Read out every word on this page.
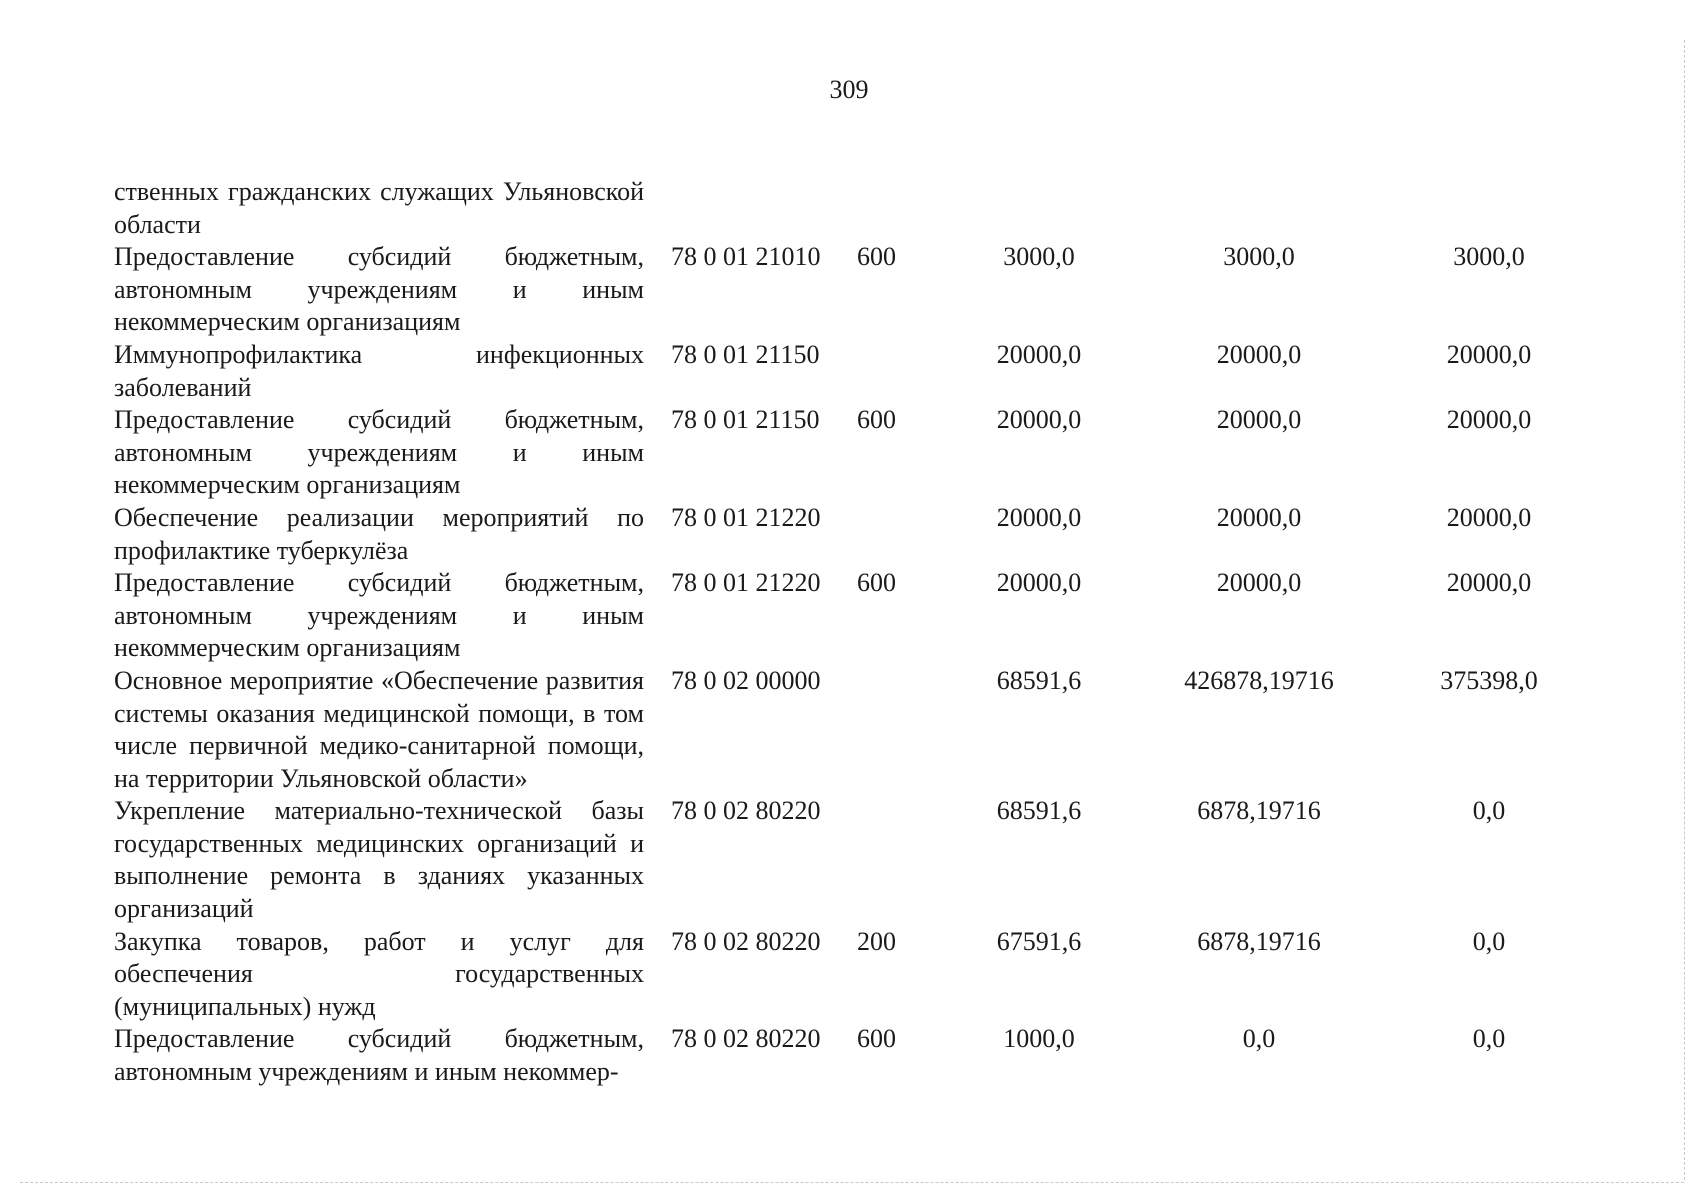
309
ственных гражданских служащих Ульяновской области
Предоставление субсидий бюджетным, автономным учреждениям и иным некоммерческим организациям
78 0 01 21010 600	3000,0	3000,0	3000,0
Иммунопрофилактика инфекционных заболеваний
78 0 01 21150	20000,0	20000,0	20000,0
Предоставление субсидий бюджетным, автономным учреждениям и иным некоммерческим организациям
78 0 01 21150 600	20000,0	20000,0	20000,0
Обеспечение реализации мероприятий по профилактике туберкулёза
78 0 01 21220	20000,0	20000,0	20000,0
Предоставление субсидий бюджетным, автономным учреждениям и иным некоммерческим организациям
78 0 01 21220 600	20000,0	20000,0	20000,0
Основное мероприятие «Обеспечение развития системы оказания медицинской помощи, в том числе первичной медико-санитарной помощи, на территории Ульяновской области»
78 0 02 00000	68591,6	426878,19716	375398,0
Укрепление материально-технической базы государственных медицинских организаций и выполнение ремонта в зданиях указанных организаций
78 0 02 80220	68591,6	6878,19716	0,0
Закупка товаров, работ и услуг для обеспечения государственных (муниципальных) нужд
78 0 02 80220 200	67591,6	6878,19716	0,0
Предоставление субсидий бюджетным, автономным учреждениям и иным некоммер-
78 0 02 80220 600	1000,0	0,0	0,0
